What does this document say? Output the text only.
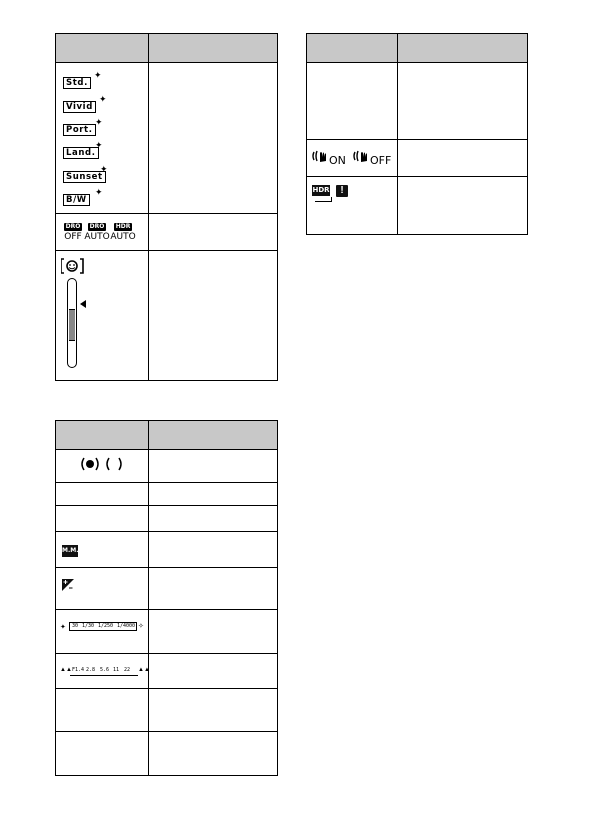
Std.
✦
Vivid
✦
Port.
✦
Land.
✦
Sunset
✦
B/W
✦
DRO
OFF
DRO
AUTO
HDR
AUTO
M.M.
✦ 30 1/30 1/250 1/4000 ✧
▲▲ F1.4 2.8 5.6 11 22 ▲▲
ON OFF
HDR	!
